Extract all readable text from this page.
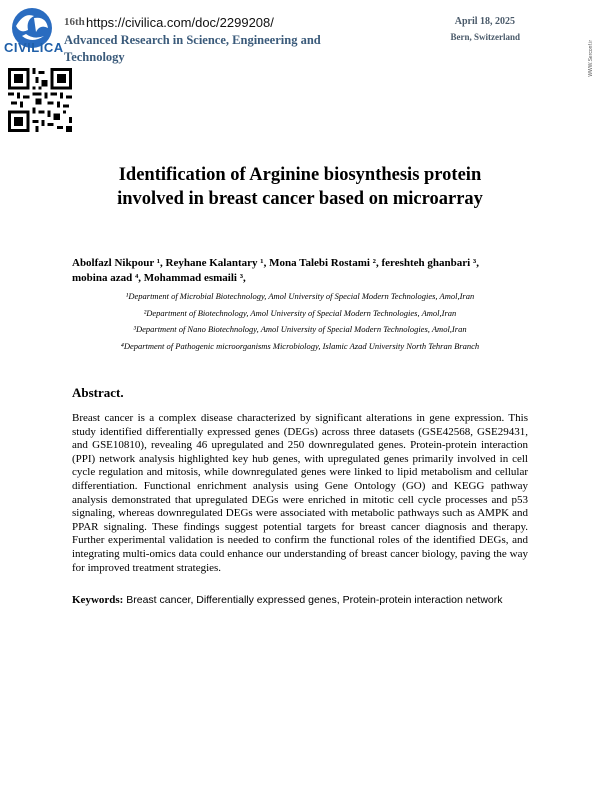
CIVILICA
16th https://civilica.com/doc/2299208/
Advanced Research in Science, Engineering and Technology
April 18, 2025
Bern, Switzerland
WWW.Serconf.ir
Identification of Arginine biosynthesis protein involved in breast cancer based on microarray
Abolfazl Nikpour ¹, Reyhane Kalantary ¹, Mona Talebi Rostami ², fereshteh ghanbari ³,
mobina azad ⁴, Mohammad esmaili ³,
¹Department of Microbial Biotechnology, Amol University of Special Modern Technologies, Amol,Iran
²Department of Biotechnology, Amol University of Special Modern Technologies, Amol,Iran
³Department of Nano Biotechnology, Amol University of Special Modern Technologies, Amol,Iran
⁴Department of Pathogenic microorganisms Microbiology, Islamic Azad University North Tehran Branch
Abstract.
Breast cancer is a complex disease characterized by significant alterations in gene expression. This study identified differentially expressed genes (DEGs) across three datasets (GSE42568, GSE29431, and GSE10810), revealing 46 upregulated and 250 downregulated genes. Protein-protein interaction (PPI) network analysis highlighted key hub genes, with upregulated genes primarily involved in cell cycle regulation and mitosis, while downregulated genes were linked to lipid metabolism and cellular differentiation. Functional enrichment analysis using Gene Ontology (GO) and KEGG pathway analysis demonstrated that upregulated DEGs were enriched in mitotic cell cycle processes and p53 signaling, whereas downregulated DEGs were associated with metabolic pathways such as AMPK and PPAR signaling. These findings suggest potential targets for breast cancer diagnosis and therapy. Further experimental validation is needed to confirm the functional roles of the identified DEGs, and integrating multi-omics data could enhance our understanding of breast cancer biology, paving the way for improved treatment strategies.
Keywords: Breast cancer, Differentially expressed genes, Protein-protein interaction network
